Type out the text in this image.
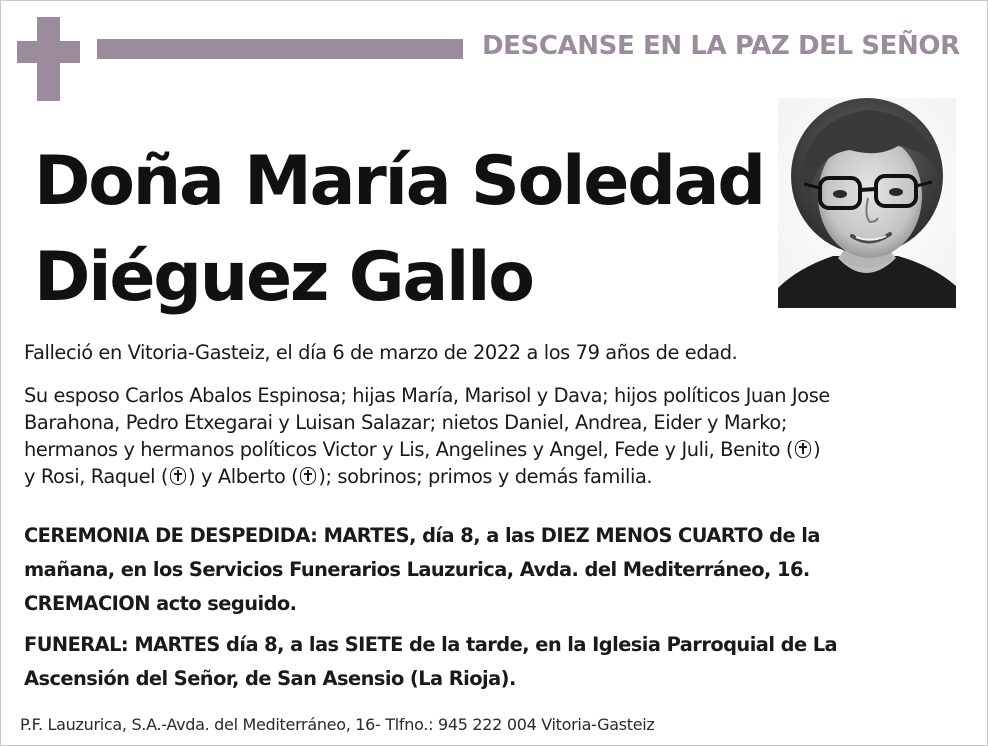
DESCANSE EN LA PAZ DEL SEÑOR
Doña María Soledad
Diéguez Gallo
Falleció en Vitoria-Gasteiz, el día 6 de marzo de 2022 a los 79 años de edad.
Su esposo Carlos Abalos Espinosa; hijas María, Marisol y Dava; hijos políticos Juan Jose
Barahona, Pedro Etxegarai y Luisan Salazar; nietos Daniel, Andrea, Eider y Marko;
hermanos y hermanos políticos Victor y Lis, Angelines y Angel, Fede y Juli, Benito ( )
y Rosi, Raquel ( ) y Alberto ( ); sobrinos; primos y demás familia.
CEREMONIA DE DESPEDIDA: MARTES, día 8, a las DIEZ MENOS CUARTO de la
mañana, en los Servicios Funerarios Lauzurica, Avda. del Mediterráneo, 16.
CREMACION acto seguido.
FUNERAL: MARTES día 8, a las SIETE de la tarde, en la Iglesia Parroquial de La
Ascensión del Señor, de San Asensio (La Rioja).
P.F. Lauzurica, S.A.-Avda. del Mediterráneo, 16- Tlfno.: 945 222 004 Vitoria-Gasteiz
